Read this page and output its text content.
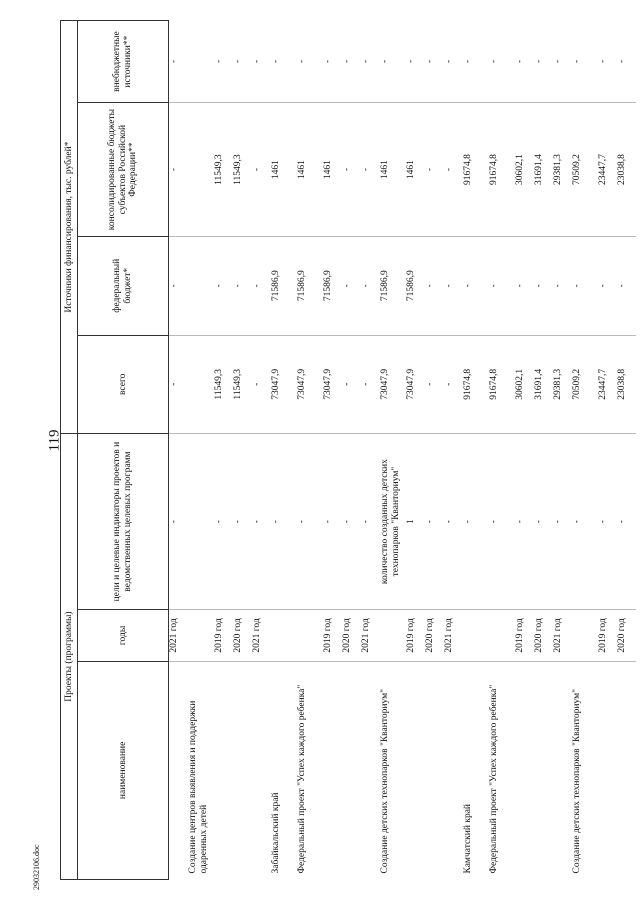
119
29032106.doc
Проекты (программы)			Источники финансирования, тыс. рублей*			
наименование	годы	цели и целевые индикаторы проектов и ведомственных целевых программ	всего	федеральный бюджет*	консолидированные бюджеты субъектов Российской Федерации**	внебюджетные источники**
	2021 год	-	-	-	-	-
Создание центров выявления и поддержки одаренных детей						
	2019 год	-	11549,3	-	11549,3	-
	2020 год	-	11549,3	-	11549,3	-
	2021 год	-	-	-	-	-
Забайкальский край		-	73047,9	71586,9	1461	-
Федеральный проект "Успех каждого ребенка"		-	73047,9	71586,9	1461	-
	2019 год	-	73047,9	71586,9	1461	-
	2020 год	-	-	-	-	-
	2021 год	-	-	-	-	-
Создание детских технопарков "Кванториум"		количество созданных детских технопарков "Кванториум"	73047,9	71586,9	1461	-
	2019 год	1	73047,9	71586,9	1461	-
	2020 год	-	-	-	-	-
	2021 год	-	-	-	-	-
Камчатский край		-	91674,8	-	91674,8	-
Федеральный проект "Успех каждого ребенка"		-	91674,8	-	91674,8	-
	2019 год	-	30602,1	-	30602,1	-
	2020 год	-	31691,4	-	31691,4	-
	2021 год	-	29381,3	-	29381,3	-
Создание детских технопарков "Кванториум"		-	70509,2	-	70509,2	-
	2019 год	-	23447,7	-	23447,7	-
	2020 год	-	23038,8	-	23038,8	-
